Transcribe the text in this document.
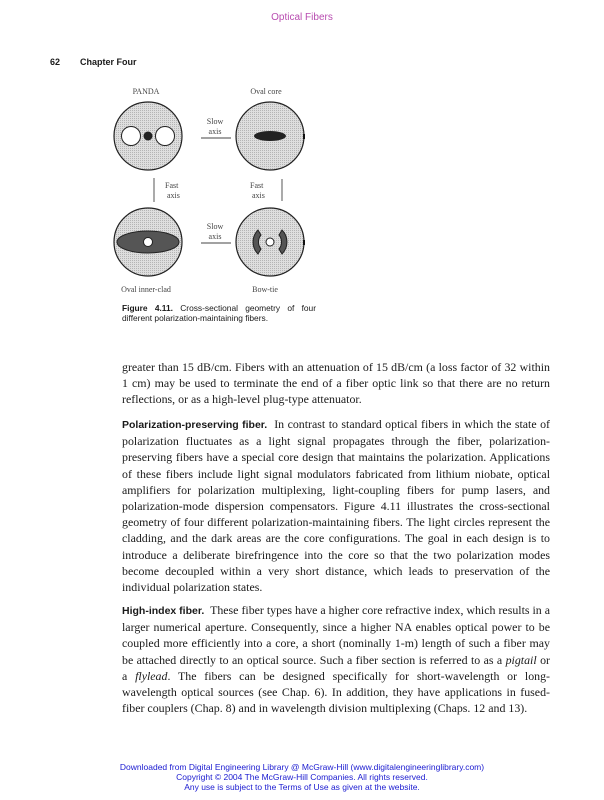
Optical Fibers
62 Chapter Four
PANDA	Oval core
Slow
axis
Fast
axis
Fast
axis
Slow
axis
Oval inner-clad	Bow-tie
Figure 4.11. Cross-sectional geometry of four different polarization-maintaining fibers.

greater than 15 dB/cm. Fibers with an attenuation of 15 dB/cm (a loss factor of 32 within 1 cm) may be used to terminate the end of a fiber optic link so that there are no return reflections, or as a high-level plug-type attenuator.

Polarization-preserving fiber. In contrast to standard optical fibers in which the state of polarization fluctuates as a light signal propagates through the fiber, polarization-preserving fibers have a special core design that maintains the polarization. Applications of these fibers include light signal modulators fabricated from lithium niobate, optical amplifiers for polarization multiplexing, light-coupling fibers for pump lasers, and polarization-mode dispersion compensators. Figure 4.11 illustrates the cross-sectional geometry of four different polarization-maintaining fibers. The light circles represent the cladding, and the dark areas are the core configurations. The goal in each design is to introduce a deliberate birefringence into the core so that the two polarization modes become decoupled within a very short distance, which leads to preservation of the individual polarization states.

High-index fiber. These fiber types have a higher core refractive index, which results in a larger numerical aperture. Consequently, since a higher NA enables optical power to be coupled more efficiently into a core, a short (nominally 1-m) length of such a fiber may be attached directly to an optical source. Such a fiber section is referred to as a pigtail or a flylead. The fibers can be designed specifically for short-wavelength or long-wavelength optical sources (see Chap. 6). In addition, they have applications in fused-fiber couplers (Chap. 8) and in wavelength division multiplexing (Chaps. 12 and 13).

Downloaded from Digital Engineering Library @ McGraw-Hill (www.digitalengineeringlibrary.com)
Copyright © 2004 The McGraw-Hill Companies. All rights reserved.
Any use is subject to the Terms of Use as given at the website.
